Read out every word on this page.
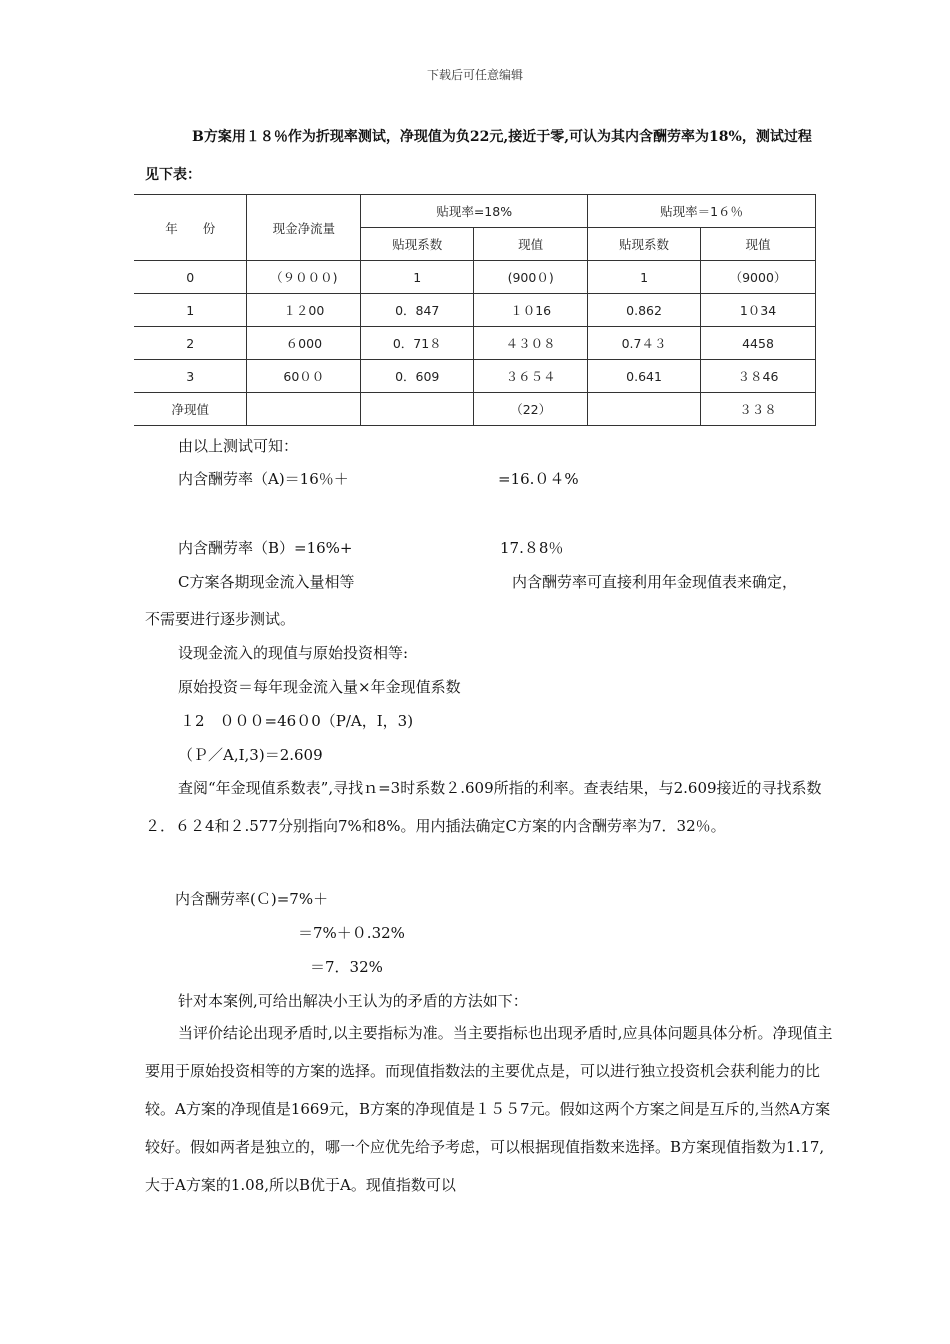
下载后可任意编辑
B方案用１８％作为折现率测试，净现值为负22元,接近于零,可认为其内含酬劳率为18%，测试过程
见下表：
年　　份	现金净流量	贴现率=18%		贴现率＝1６％	
		贴现系数	现值	贴现系数	现值
0	（９０００)	1	(900０)	1	（9000）
1	１２00	0．847	１０16	0.862	1０34
2	６000	0．71８	４３０８	0.7４３	4458
3	60００	0．609	３６５４	0.641	３８46
净现值			（22）		３３８
由以上测试可知：
内含酬劳率（A)＝16％＋	=16.０４%
内含酬劳率（B）=16%+	17.８8％
C方案各期现金流入量相等	内含酬劳率可直接利用年金现值表来确定，
不需要进行逐步测试。
设现金流入的现值与原始投资相等:
原始投资＝每年现金流入量×年金现值系数
１2　０００=46０0（P/A，I，3)
（Ｐ／A,I,3)＝2.609
查阅“年金现值系数表”,寻找ｎ=3时系数２.609所指的利率。查表结果，与2.609接近的寻找系数２．６２4和２.577分别指向7%和8%。用内插法确定C方案的内含酬劳率为7．32％。
内含酬劳率(Ｃ)=7%＋
＝7%＋０.32%
＝7．32%
针对本案例,可给出解决小王认为的矛盾的方法如下：
当评价结论出现矛盾时,以主要指标为准。当主要指标也出现矛盾时,应具体问题具体分析。净现值主要用于原始投资相等的方案的选择。而现值指数法的主要优点是，可以进行独立投资机会获利能力的比较。A方案的净现值是1669元，B方案的净现值是１５５7元。假如这两个方案之间是互斥的,当然A方案较好。假如两者是独立的，哪一个应优先给予考虑，可以根据现值指数来选择。B方案现值指数为1.17,大于A方案的1.08,所以B优于A。现值指数可以
